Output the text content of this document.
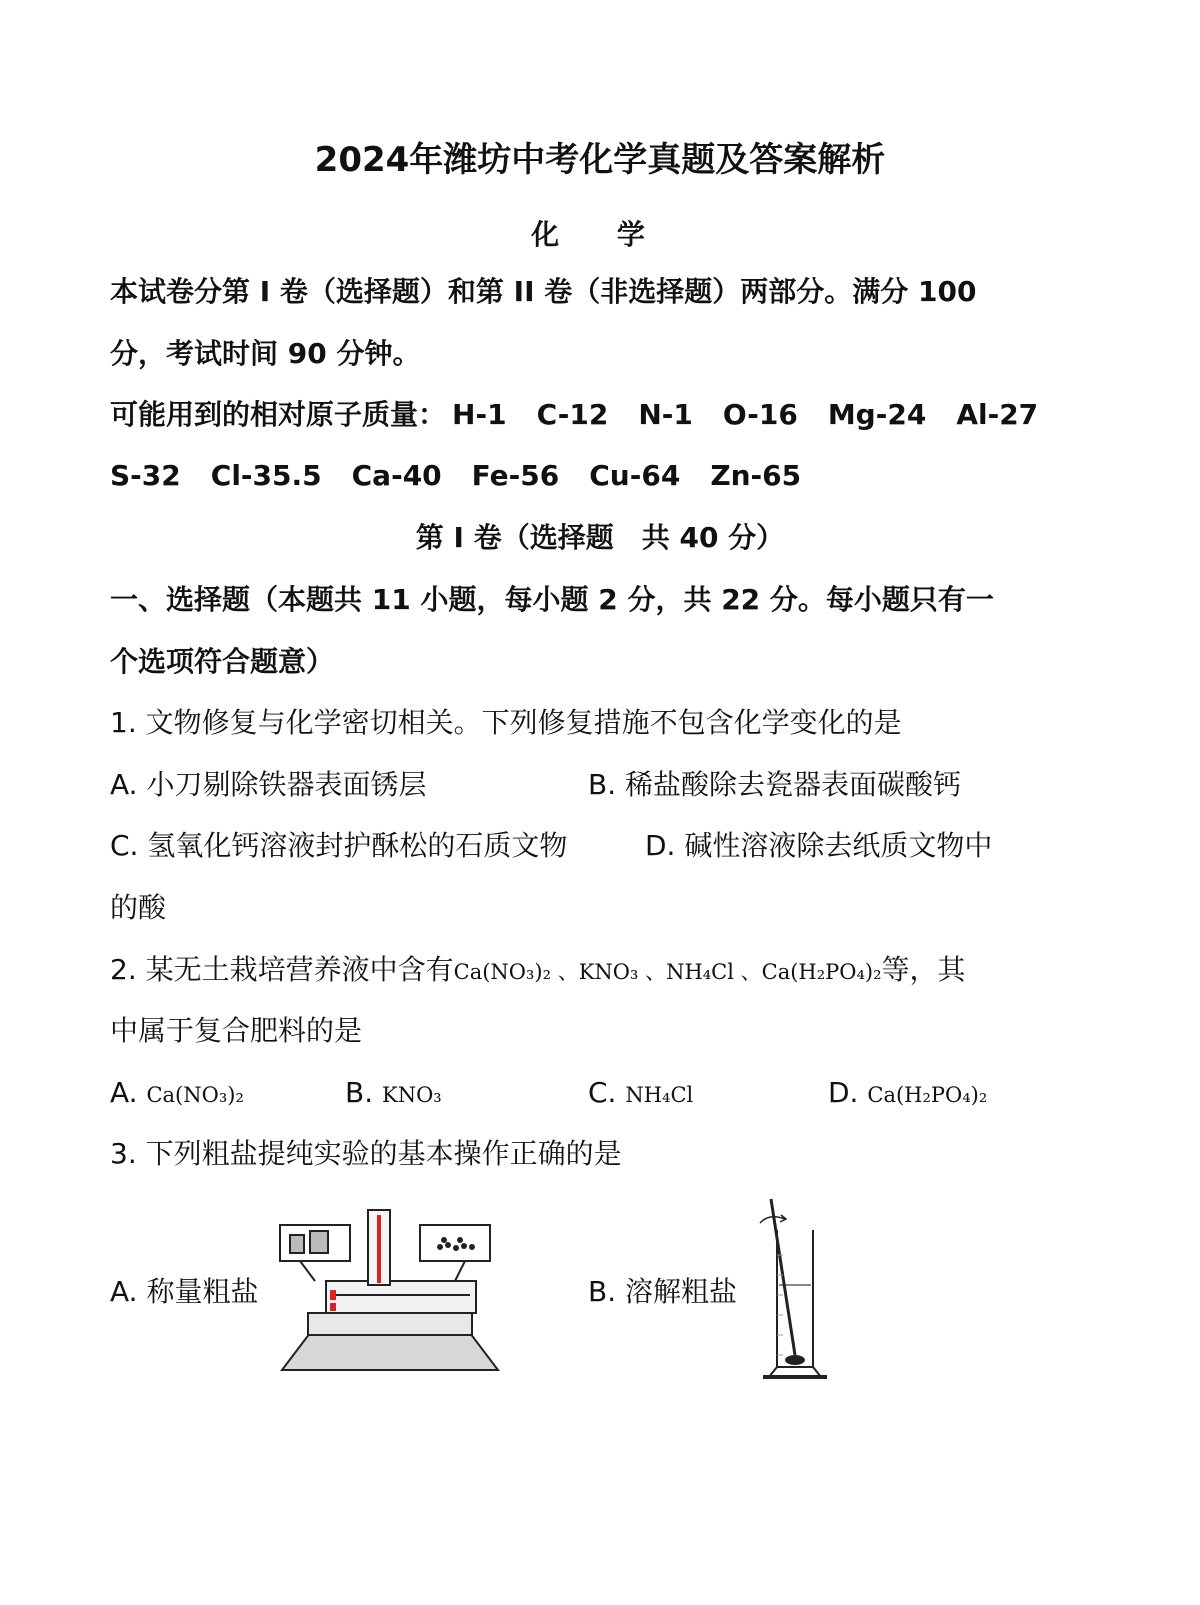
2024年潍坊中考化学真题及答案解析
化 学
本试卷分第 I 卷（选择题）和第 II 卷（非选择题）两部分。满分 100
分，考试时间 90 分钟。
可能用到的相对原子质量： H-1 C-12 N-1 O-16 Mg-24 Al-27
S-32 Cl-35.5 Ca-40 Fe-56 Cu-64 Zn-65
第 I 卷（选择题　共 40 分）
一、选择题（本题共 11 小题，每小题 2 分，共 22 分。每小题只有一
个选项符合题意）
1. 文物修复与化学密切相关。下列修复措施不包含化学变化的是
A. 小刀剔除铁器表面锈层	B. 稀盐酸除去瓷器表面碳酸钙
C. 氢氧化钙溶液封护酥松的石质文物	D. 碱性溶液除去纸质文物中
的酸
2. 某无土栽培营养液中含有Ca(NO₃)₂ 、KNO₃ 、NH₄Cl 、Ca(H₂PO₄)₂等，其
中属于复合肥料的是
A. Ca(NO₃)₂	B. KNO₃	C. NH₄Cl	D. Ca(H₂PO₄)₂
3. 下列粗盐提纯实验的基本操作正确的是
A. 称量粗盐	B. 溶解粗盐
